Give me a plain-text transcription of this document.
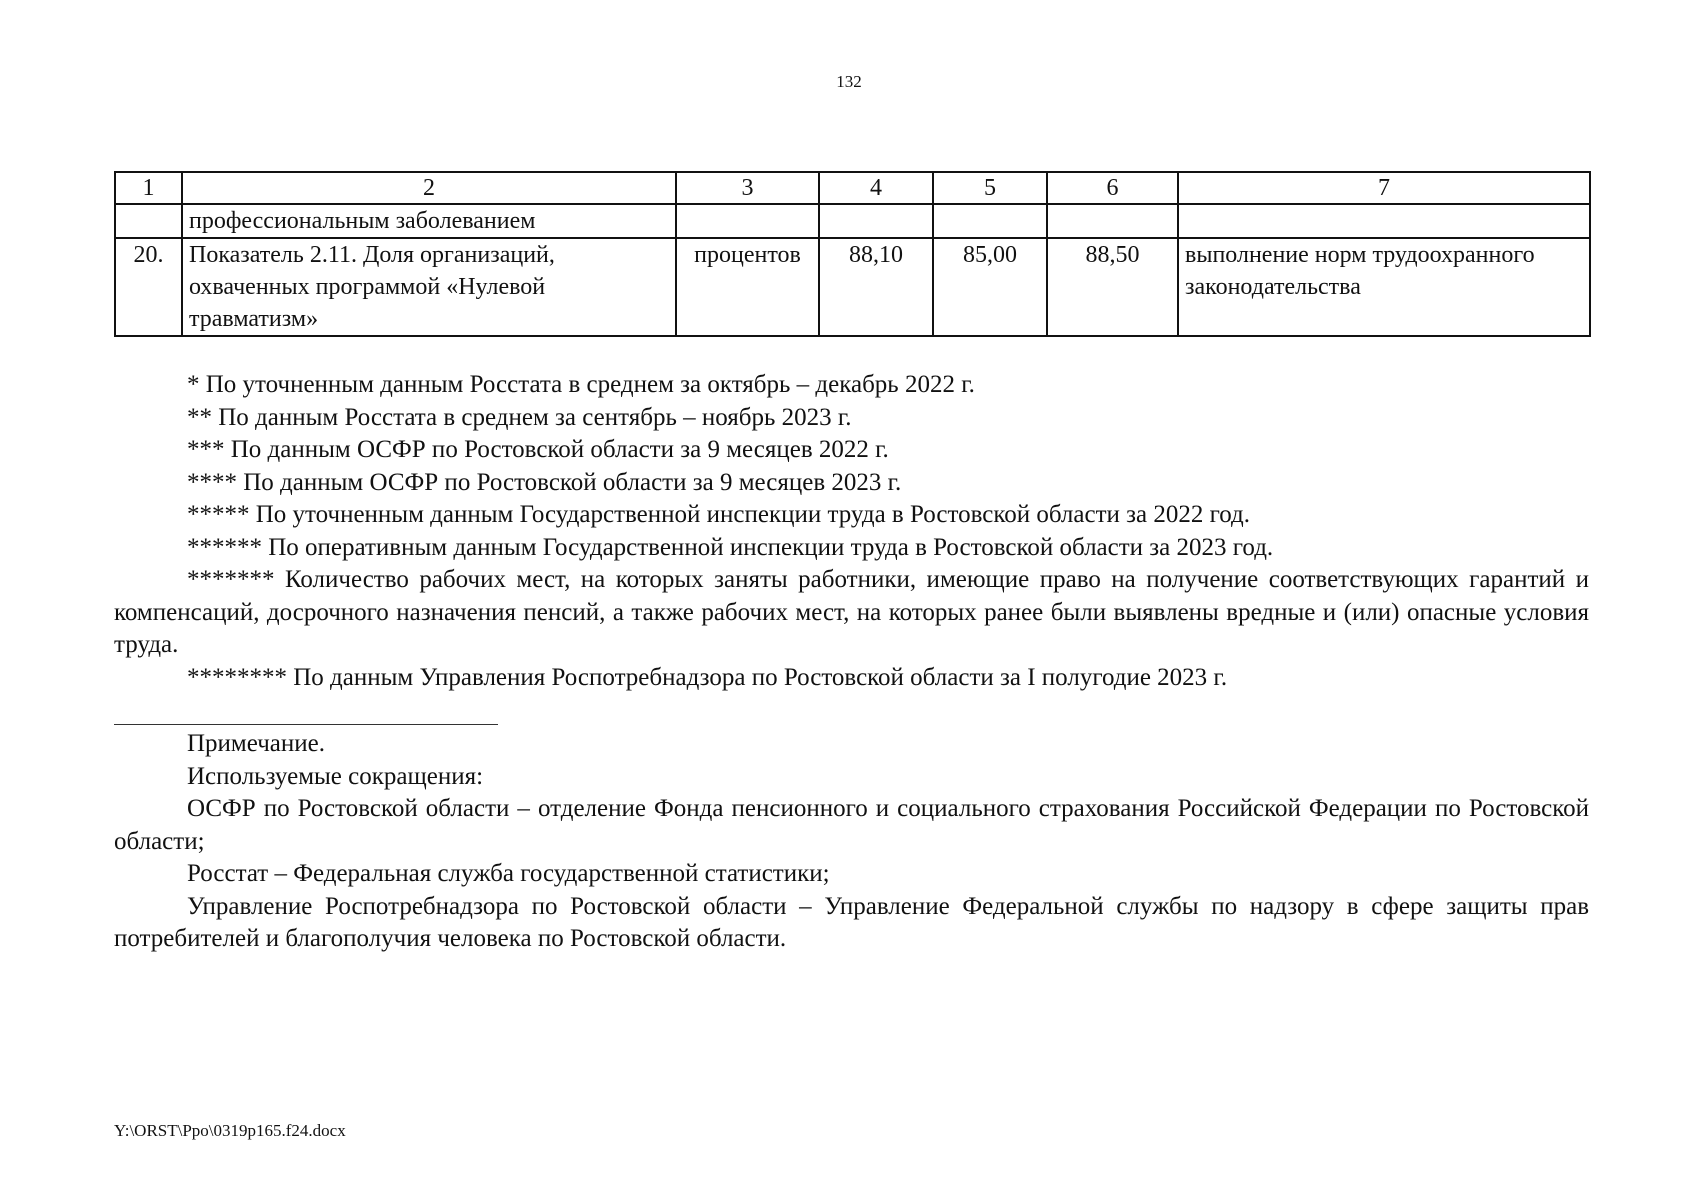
132
1	2	3	4	5	6	7
	профессиональным заболеванием					
20.	Показатель 2.11. Доля организаций, охваченных программой «Нулевой травматизм»	процентов	88,10	85,00	88,50	выполнение норм трудоохранного законодательства

* По уточненным данным Росстата в среднем за октябрь – декабрь 2022 г.

** По данным Росстата в среднем за сентябрь – ноябрь 2023 г.

*** По данным ОСФР по Ростовской области за 9 месяцев 2022 г.

**** По данным ОСФР по Ростовской области за 9 месяцев 2023 г.

***** По уточненным данным Государственной инспекции труда в Ростовской области за 2022 год.

****** По оперативным данным Государственной инспекции труда в Ростовской области за 2023 год.

******* Количество рабочих мест, на которых заняты работники, имеющие право на получение соответствующих гарантий и компенсаций, досрочного назначения пенсий, а также рабочих мест, на которых ранее были выявлены вредные и (или) опасные условия труда.

******** По данным Управления Роспотребнадзора по Ростовской области за I полугодие 2023 г.

Примечание.

Используемые сокращения:

ОСФР по Ростовской области – отделение Фонда пенсионного и социального страхования Российской Федерации по Ростовской области;

Росстат – Федеральная служба государственной статистики;

Управление Роспотребнадзора по Ростовской области – Управление Федеральной службы по надзору в сфере защиты прав потребителей и благополучия человека по Ростовской области.

Y:\ORST\Ppo\0319p165.f24.docx
